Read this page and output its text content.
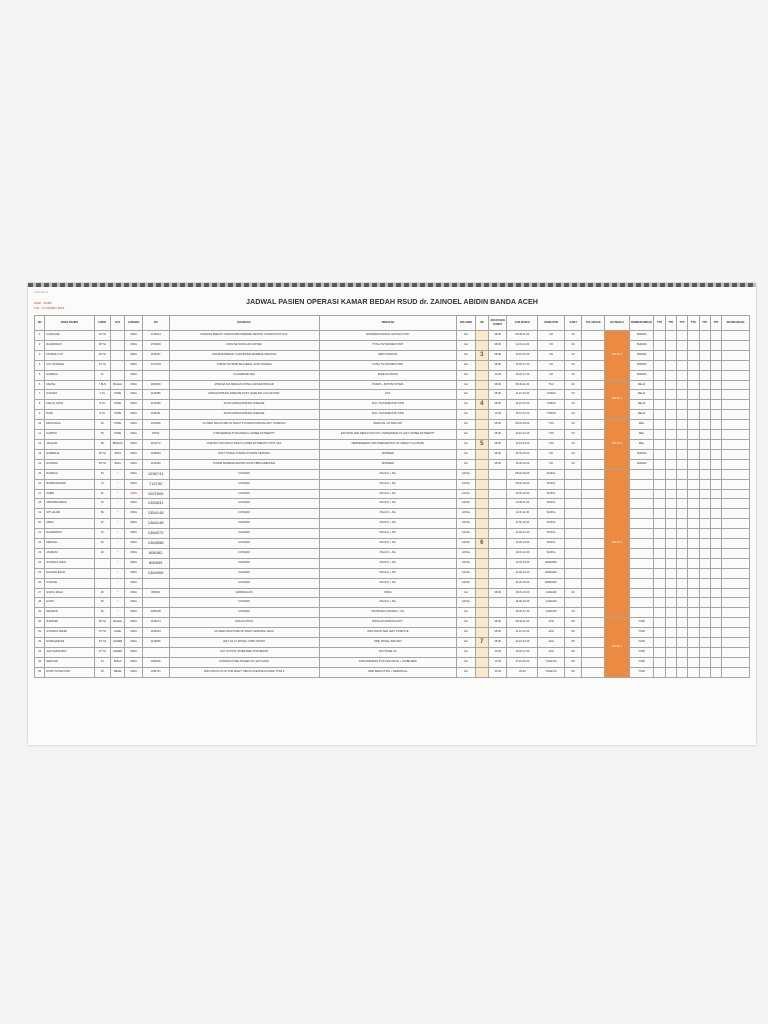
Scanned 3
JADWAL PASIEN OPERASI KAMAR BEDAH RSUD dr. ZAINOEL ABIDIN BANDA ACEH
HARI : RABU
TGL : 07 MARET 2024
NO	NAMA PASIEN	UMUR	RUJ	JAMINAN	CM	DIAGNOSA	TINDAKAN	JNS ANES	OK	JAM RUANG RAWAT	JAM MASUK	OPERATOR	ASIST	TGL MASUK	OK BEDAH	PEMBERI BEDAH	TTD	TTD	TTD	TTD	TTD	TTD	KETERANGAN
1	CAROLINE	32 TH		JKRA	1733013	INVASIVE BREAST CARCINOMA MAMMAE DEXTRA T2N1M0 POST NAC	MODIFIED RADICAL MASTECTOMY	GA		08.00	08.40-11.00	FR	RJ		TIM OK 3	TERIAM							
2	RAHMAWATI	38 TH		JKRA	1723093	DIFFUSE NODULAR GOITER	TOTAL THYROIDECTOMY	GA		08.00	11.15-13.00	FR	RJ			TERIAM							
3	FATIMAH CUT	48 TH		JKRA	1145447	INVASIVE BREAST CARCINOMA MAMMAE SINISTRA	MRM SINISTRA	GA	3	08.00	13.15-15.30	FR	RJ			TERIAM							
4	CUT NURDIAH	44 TH		JKRA	1377094	TUMOR THYROID BILATERAL SUSP GRAVES	TOTAL THYROIDECTOMY	GA		08.00	15.45-17.00	FR	RJ			TERIAM							
5	HASBIAH	47		JKRA		CA MAMMAE DEX	WIDE EXCISION	GA		10.00	16.45-17.30	FR	RJ			TERIAM							
6	FAIZAH	7 BLN	BALEH	JKRA	1154860	ATRESIA ANI DENGAN FISTEL ANOVESTIBULAR	PSARP + BOTOM STOMA	GA		08.00	08.40-11.00	TSU	RJ		TIM OK 4	DELIA							
7	SYAFIRA	1 TH	PIDIE	JKRA	1145286	HIRSCHSPRUNG DISEASE POST LEVELING COLOSTOMY	EST	GA		08.00	11.15-13.00	YUMNA	RJ			DELIA							
8	FAIZ AL FATIH	8 TH	PIDIE	JKRA	1130196	SUSP HIRSCHSPRUNG DISEASE	FULL THICKNESS BYOPSI	GA	4	08.00	14.15-15.00	YUMNA	RJ			DELIA							
9	RAFA	8 TH	PIDIE	JKRA	1148701	SUSP HIRSCHSPRUNG DISEASE	FULL THICKNESS BYOPSI	GA		10.00	15.15-17.00	YUMNA	RJ			DELIA							
10	MURTADHA	26	PIDIE	JKRA	1150406	CLOSED FRACTURE OF RIGHT ZYGOMATIC/MAXILLARY COMPLEX	REMOVAL OF IMPLANT	GA		08.00	08.40-10.00	YOS	RJ		TIM OK 5	MEL							
11	SAMTINI	59	PIDIE	JKRA	49762	LYMPHEDEMA AT BILATERAL LOWER EXTREMITY	EXCISION AND REDUCTION OF LYMPHEDEMA AT LEFT LOWER EXTREMITY	GA		08.00	10.15-12.00	YOS	RJ			MEL							
12	JAUHARI	68	BIREUN	JKRA	1160772	CHRONIC WOUND AT RIGHT LOWER EXTREMITY POST SKA	DEBRIDEMENT AND PREPARATION OF DEFECT CLOSURE	GA	5	08.00	12.15-14.00	YOS	RJ			MEL							
13	HAMBALIE	48 TH	JKRA	JKRA	1158663	SOFT TISSUE TUMOR AT PEDIS SINISTRA	WORMED	GA		08.00	14.00-15.00	FR	RJ			TERIAM							
14	NURAIDA	50 TH	JKRA	JKRA	1145440	TUMOR MAMMAE DEXTRA SUSP FIBROADENOMA	WORMED	GA		08.00	15.00-16.00	FR	RJ			TERIAM							
15	RAZIDAH	54	"	JKRA	1036741	CATARAK	PHACO + IOL	LOKAL			08.40-09.00	SAIFUL			TIM OK 6								
16	BADRUZZAMAN	70	"	JKRA	713790	CATARAK	PHACO + IOL	LOKAL			09.00-10.00	SAIFUL											
17	ZUBIR	61	"	JKRA	1007605	CATARAK	PHACO + IOL	LOKAL			10.00-10.30	SAIFUL											
18	ABDURRAHMAN	76	"	JKRA	1353631	CATARAK	PHACO + IOL	LOKAL			10.30-11.00	SAIFUL											
19	SITI HAJAR	69	"	JKRA	1354148	CATARAK	PHACO + IOL	LOKAL			11.00-11.30	SAIFUL											
20	AMNA	67	"	JKRA	1364148	CATARAK	PHACO + IOL	LOKAL			11.30-12.00	SAIFUL											
21	RAHMAWATI	70	"	JKRA	1364072	CATARAK	PHACO + IOL	LOKAL			12.00-12.30	SAIFUL											
22	FARIDAH	63	"	JKRA	1363558	CATARAK	PHACO + IOL	LOKAL	6		12.30-13.00	SAIFUL											
23	JASMANI	30	"	JKRA	806082	CATARAK	PHACO + IOL	LOKAL			13.00-13.30	SAIFUL											
24	SYAMSUL RIZAL		"	JKRA	806599	CATARAK	PHACO + IOL	LOKAL			13.30-14.00	ERMAWA											
25	HASNAH BAUR		"	JKRA	1364906	CATARAK	PHACO + IOL	LOKAL			14.00-14.30	ERMAWA											
26	SYAFIAH		"	JKRA		CATARAK	PHACO + IOL	LOKAL			14.30-15.00	ERMAWA											
27	NURUL WAHI	25	"	JKRA	806363	HORDEOLUM	INSISI	GA		08.00	15.00-16.00	JAMHUR	RJ										
28	HILMY	60	"	JKRA		CATARAK	PHACO + IOL	LOKAL			16.00-16.30	JAMHUR											
29	MAHMUD	66	"	JKRA	1364328	CATARAK	VIDTRASIA CATARAK + IOL	GA			16.30-17.30	JAMHUR	RJ										
30	DJAMORI	60 TH	BALEH	JKRA	1149174	DISLOCATION	BIPOLAR ARTROPLASTY	GA		08.00	08.40-11.00	AZH	DF		TIM OK 7	TOMI							
31	SYAMSUL BAHRI	76 TH	ACEH	JKRA	1164914	CLOSED FRACTURE OF RIGHT FEMORAL NECK	ORIF RIGHT AND LEFT CONDYLE	GA		08.00	11.15-12.00	AZH	DF			TOMI							
32	NURKHAIRUNI	34 TH	ZAMER	JKRA	1136636	LEFT C6 C7 SPINAL CORD INJURY	ORIF SPINAL IMPLANT	GA	7	08.00	12.15-13.30	AZH	DF			TOMI							
33	ALIZ SAKDURRY	47 TH	ZAMER	JKRA		ANT L5 POST STABILISED POSTERIOR	ROI SPINE US	GA		10.00	13.40-17.00	AZH	DF			TOMI							
34	MARYANI	44	BUILD	JKRA	1364051	CONTRACTURE FINGER OF LEFT HAND	DISCOMPRESS POST EXCISION + STABILIZED	GA		13.00	17.15-18.30	T.MAHYA	DF			TOMI							
35	RISATI SYAHPUTRI	35	BEGE	JKRA	1354741	NON UNION 1/3 OF THE RIGHT TIBIA PLATE DISLOCATED TYPE II	ORIF REDUCTION + REPAIR ALL	GA		13.00	20.00	T.MAHYA	DF			TOMI							
